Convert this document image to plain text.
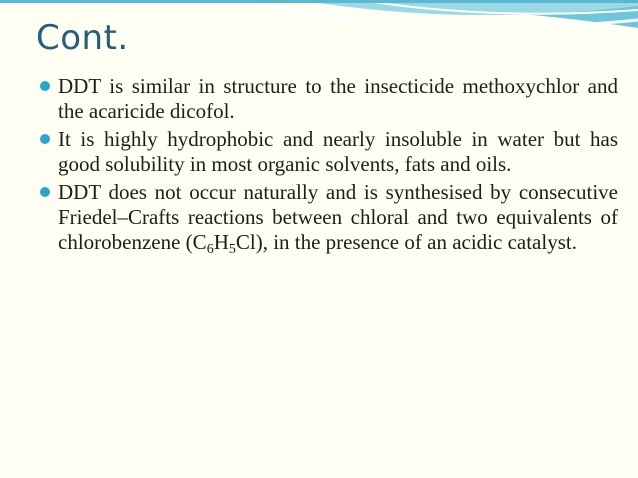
Cont.
DDT is similar in structure to the insecticide methoxychlor and the acaricide dicofol.
It is highly hydrophobic and nearly insoluble in water but has good solubility in most organic solvents, fats and oils.
DDT does not occur naturally and is synthesised by consecutive Friedel–Crafts reactions between chloral and two equivalents of chlorobenzene $(C_6H_5Cl)$, in the presence of an acidic catalyst.
